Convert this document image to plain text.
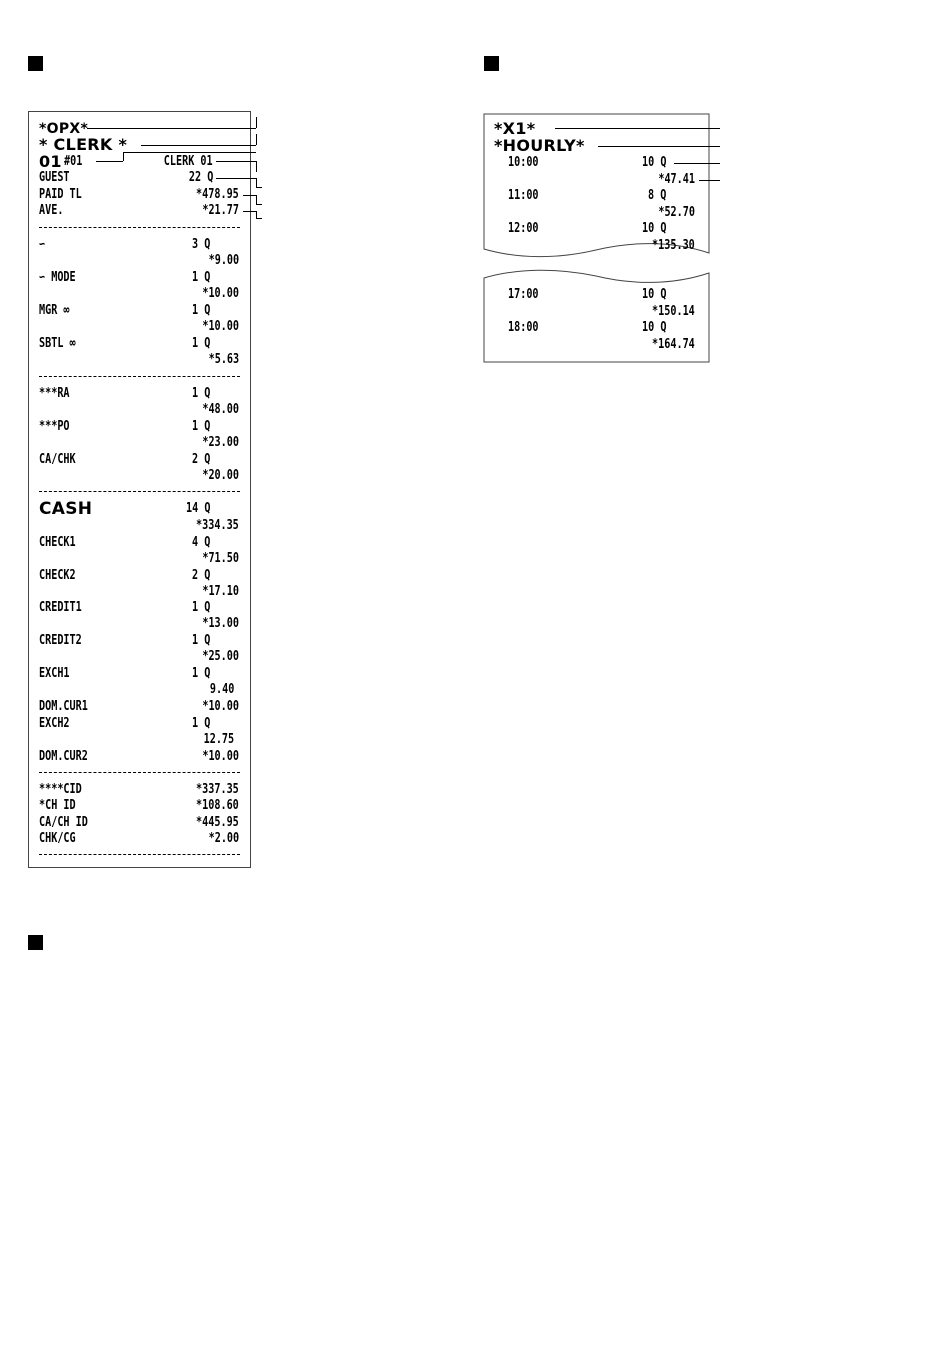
*OPX*
* CLERK *
01 #01	CLERK 01
GUEST	22 Q
PAID TL	*478.95
AVE.	*21.77
∽	3 Q
*9.00
∽ MODE	1 Q
*10.00
MGR ∞	1 Q
*10.00
SBTL ∞	1 Q
*5.63
***RA	1 Q
*48.00
***PO	1 Q
*23.00
CA/CHK	2 Q
*20.00
CASH	14 Q
*334.35
CHECK1	4 Q
*71.50
CHECK2	2 Q
*17.10
CREDIT1	1 Q
*13.00
CREDIT2	1 Q
*25.00
EXCH1	1 Q
9.40
DOM.CUR1	*10.00
EXCH2	1 Q
12.75
DOM.CUR2	*10.00
****CID	*337.35
*CH ID	*108.60
CA/CH ID	*445.95
CHK/CG	*2.00
*X1*
*HOURLY*
10:00	10 Q
*47.41
11:00	8 Q
*52.70
12:00	10 Q
*135.30
17:00	10 Q
*150.14
18:00	10 Q
*164.74
